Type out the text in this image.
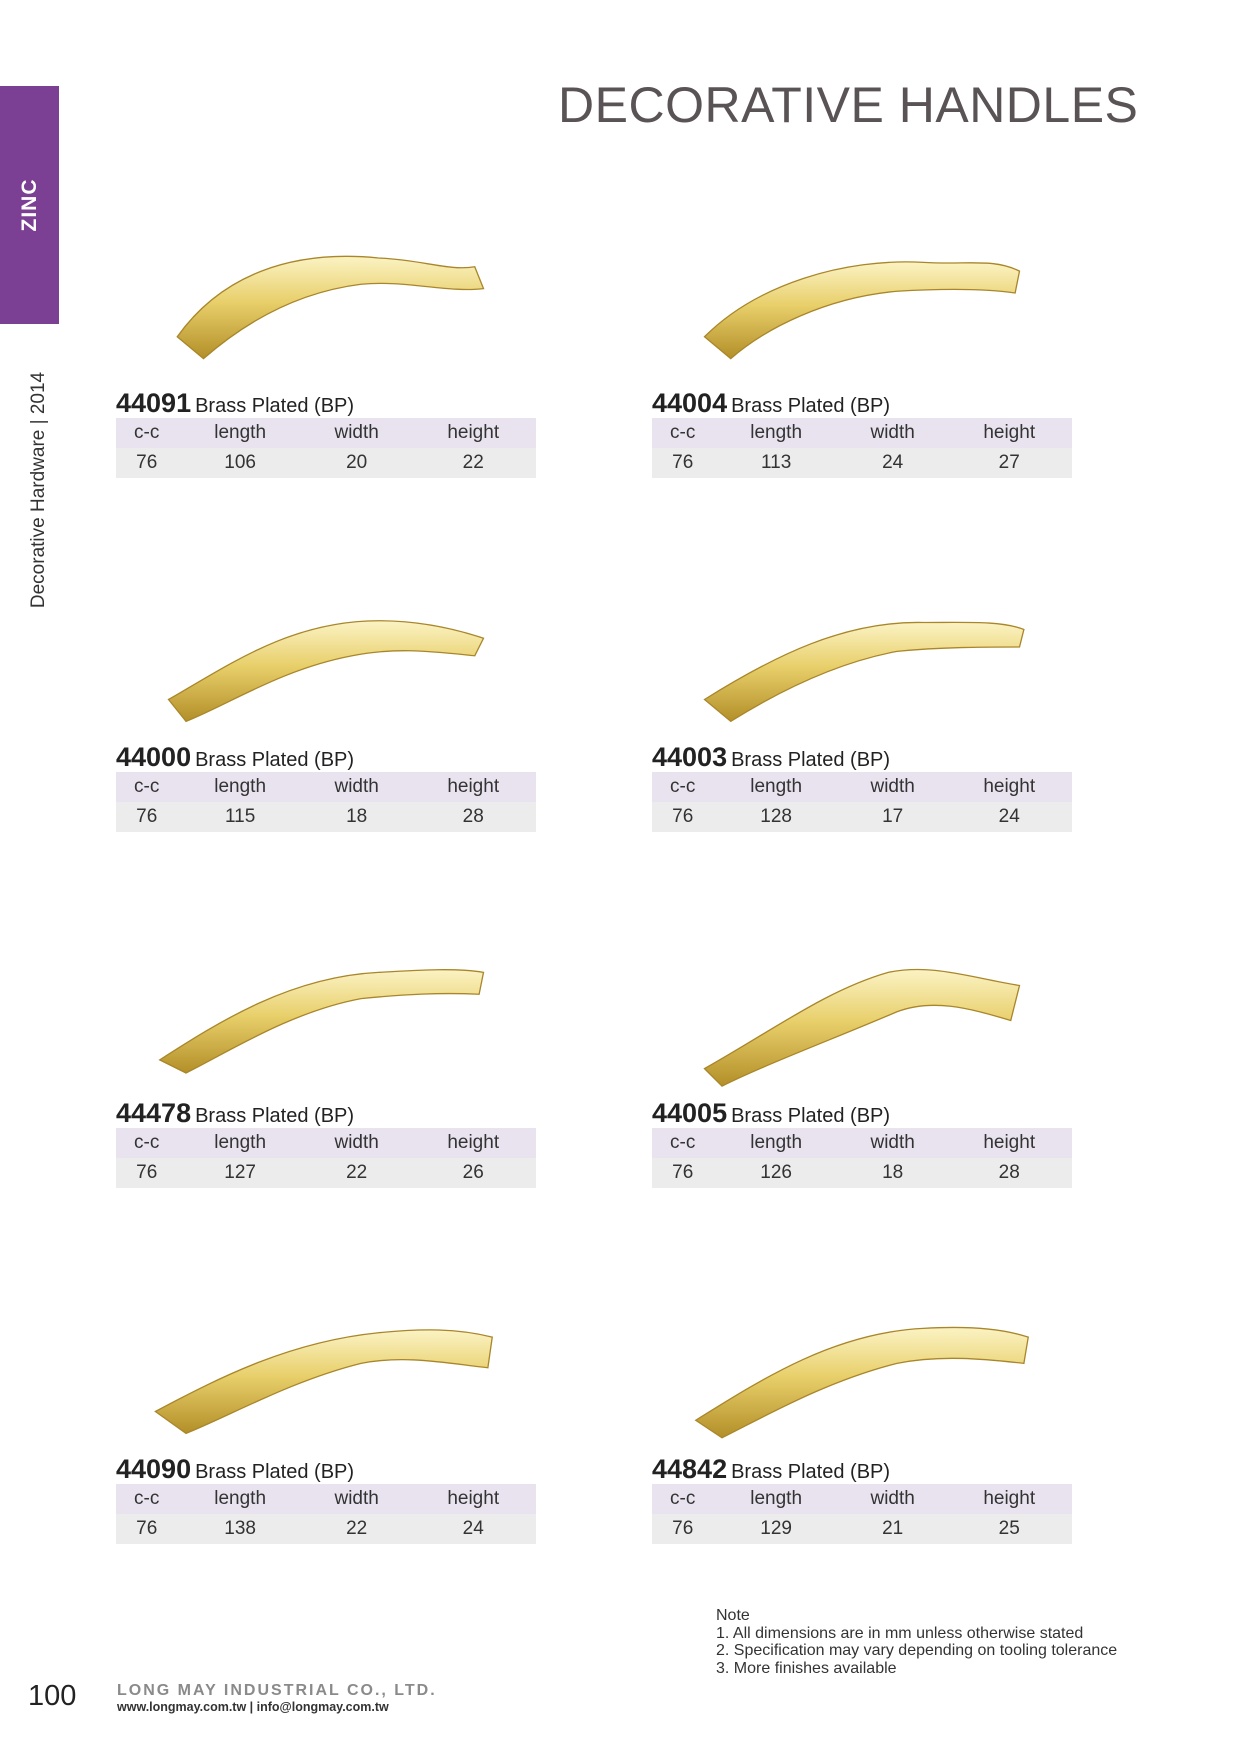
ZINC
Decorative Hardware | 2014
DECORATIVE HANDLES
44091 Brass Plated (BP)
c-c	length	width	height
76	106	20	22
44004 Brass Plated (BP)
c-c	length	width	height
76	113	24	27
44000 Brass Plated (BP)
c-c	length	width	height
76	115	18	28
44003 Brass Plated (BP)
c-c	length	width	height
76	128	17	24
44478 Brass Plated (BP)
c-c	length	width	height
76	127	22	26
44005 Brass Plated (BP)
c-c	length	width	height
76	126	18	28
44090 Brass Plated (BP)
c-c	length	width	height
76	138	22	24
44842 Brass Plated (BP)
c-c	length	width	height
76	129	21	25
Note
1. All dimensions are in mm unless otherwise stated
2. Specification may vary depending on tooling tolerance
3. More finishes available
100	LONG MAY INDUSTRIAL CO., LTD.
www.longmay.com.tw | info@longmay.com.tw
